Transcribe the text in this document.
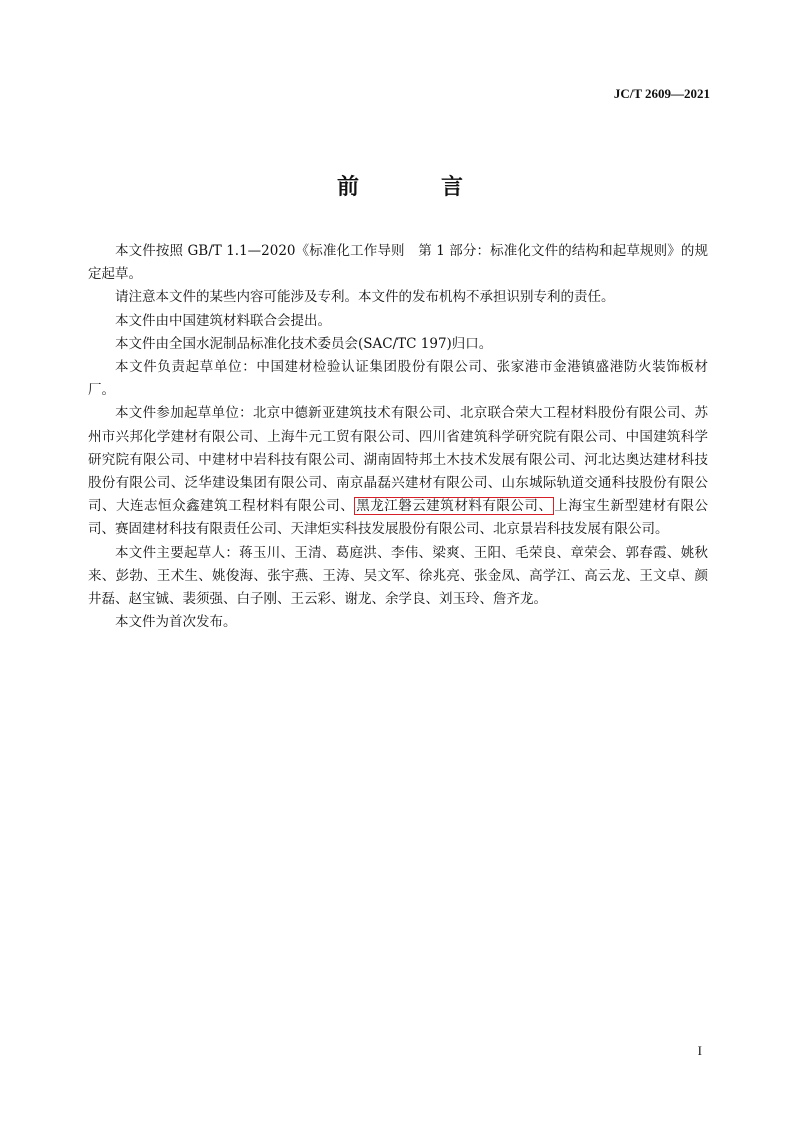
JC/T 2609—2021
前　言

本文件按照 GB/T 1.1—2020《标准化工作导则　第 1 部分：标准化文件的结构和起草规则》的规定起草。

请注意本文件的某些内容可能涉及专利。本文件的发布机构不承担识别专利的责任。

本文件由中国建筑材料联合会提出。

本文件由全国水泥制品标准化技术委员会(SAC/TC 197)归口。

本文件负责起草单位：中国建材检验认证集团股份有限公司、张家港市金港镇盛港防火装饰板材厂。

本文件参加起草单位：北京中德新亚建筑技术有限公司、北京联合荣大工程材料股份有限公司、苏州市兴邦化学建材有限公司、上海牛元工贸有限公司、四川省建筑科学研究院有限公司、中国建筑科学研究院有限公司、中建材中岩科技有限公司、湖南固特邦土木技术发展有限公司、河北达奥达建材科技股份有限公司、泛华建设集团有限公司、南京晶磊兴建材有限公司、山东城际轨道交通科技股份有限公司、大连志恒众鑫建筑工程材料有限公司、 黑龙江磐云建筑材料有限公司、 上海宝生新型建材有限公司、赛固建材科技有限责任公司、天津炬实科技发展股份有限公司、北京景岩科技发展有限公司。

本文件主要起草人：蒋玉川、王清、葛庭洪、李伟、梁爽、王阳、毛荣良、章荣会、郭春霞、姚秋来、彭勃、王术生、姚俊海、张宇燕、王涛、吴文军、徐兆亮、张金凤、高学江、高云龙、王文卓、颜井磊、赵宝铖、裴须强、白子刚、王云彩、谢龙、余学良、刘玉玲、詹齐龙。

本文件为首次发布。

I
